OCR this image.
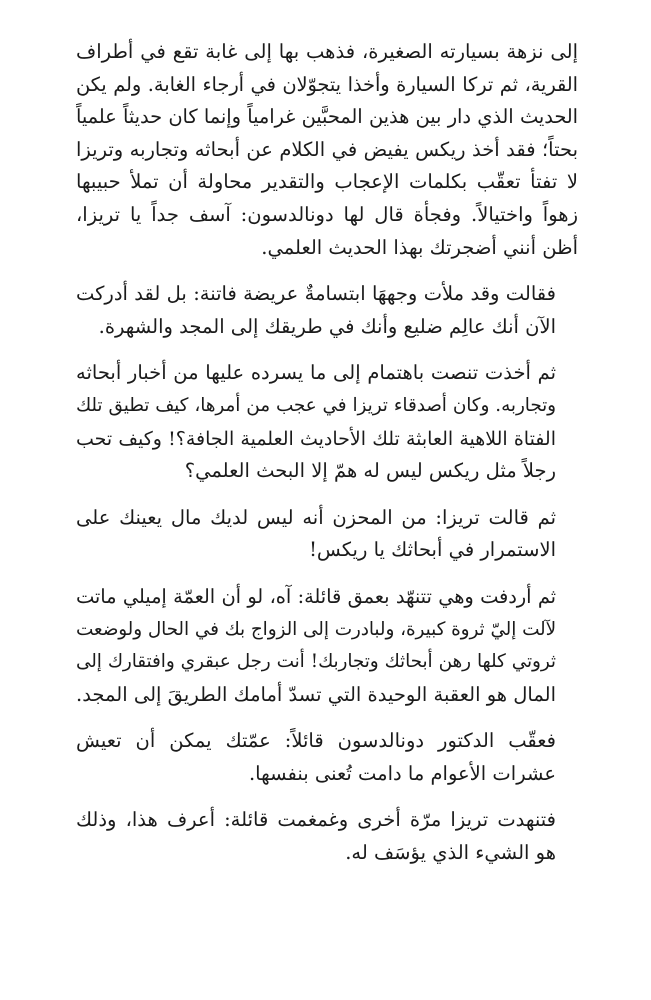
إلى نزهة بسيارته الصغيرة، فذهب بها إلى غابة تقع في أطراف
القرية، ثم تركا السيارة وأخذا يتجوّلان في أرجاء الغابة. ولم يكن
الحديث الذي دار بين هذين المحبَّين غرامياً وإنما كان حديثاً علمياً
بحتاً؛ فقد أخذ ريكس يفيض في الكلام عن أبحاثه وتجاربه وتريزا
لا تفتأ تعقّب بكلمات الإعجاب والتقدير محاولة أن تملأ حبيبها
زهواً واختيالاً. وفجأة قال لها دونالدسون: آسف جداً يا تريزا،
أظن أنني أضجرتك بهذا الحديث العلمي.

فقالت وقد ملأت وجههَا ابتسامةٌ عريضة فاتنة: بل لقد أدركت
الآن أنك عالِم ضليع وأنك في طريقك إلى المجد والشهرة.

ثم أخذت تنصت باهتمام إلى ما يسرده عليها من أخبار أبحاثه
وتجاربه. وكان أصدقاء تريزا في عجب من أمرها، كيف تطيق تلك
الفتاة اللاهية العابثة تلك الأحاديث العلمية الجافة؟! وكيف تحب
رجلاً مثل ريكس ليس له همّ إلا البحث العلمي؟

ثم قالت تريزا: من المحزن أنه ليس لديك مال يعينك على
الاستمرار في أبحاثك يا ريكس!

ثم أردفت وهي تتنهّد بعمق قائلة: آه، لو أن العمّة إميلي ماتت
لآلت إليّ ثروة كبيرة، ولبادرت إلى الزواج بك في الحال ولوضعت
ثروتي كلها رهن أبحاثك وتجاربك! أنت رجل عبقري وافتقارك إلى
المال هو العقبة الوحيدة التي تسدّ أمامك الطريقَ إلى المجد.

فعقّب الدكتور دونالدسون قائلاً: عمّتك يمكن أن تعيش
عشرات الأعوام ما دامت تُعنى بنفسها.

فتنهدت تريزا مرّة أخرى وغمغمت قائلة: أعرف هذا، وذلك
هو الشيء الذي يؤسَف له.
